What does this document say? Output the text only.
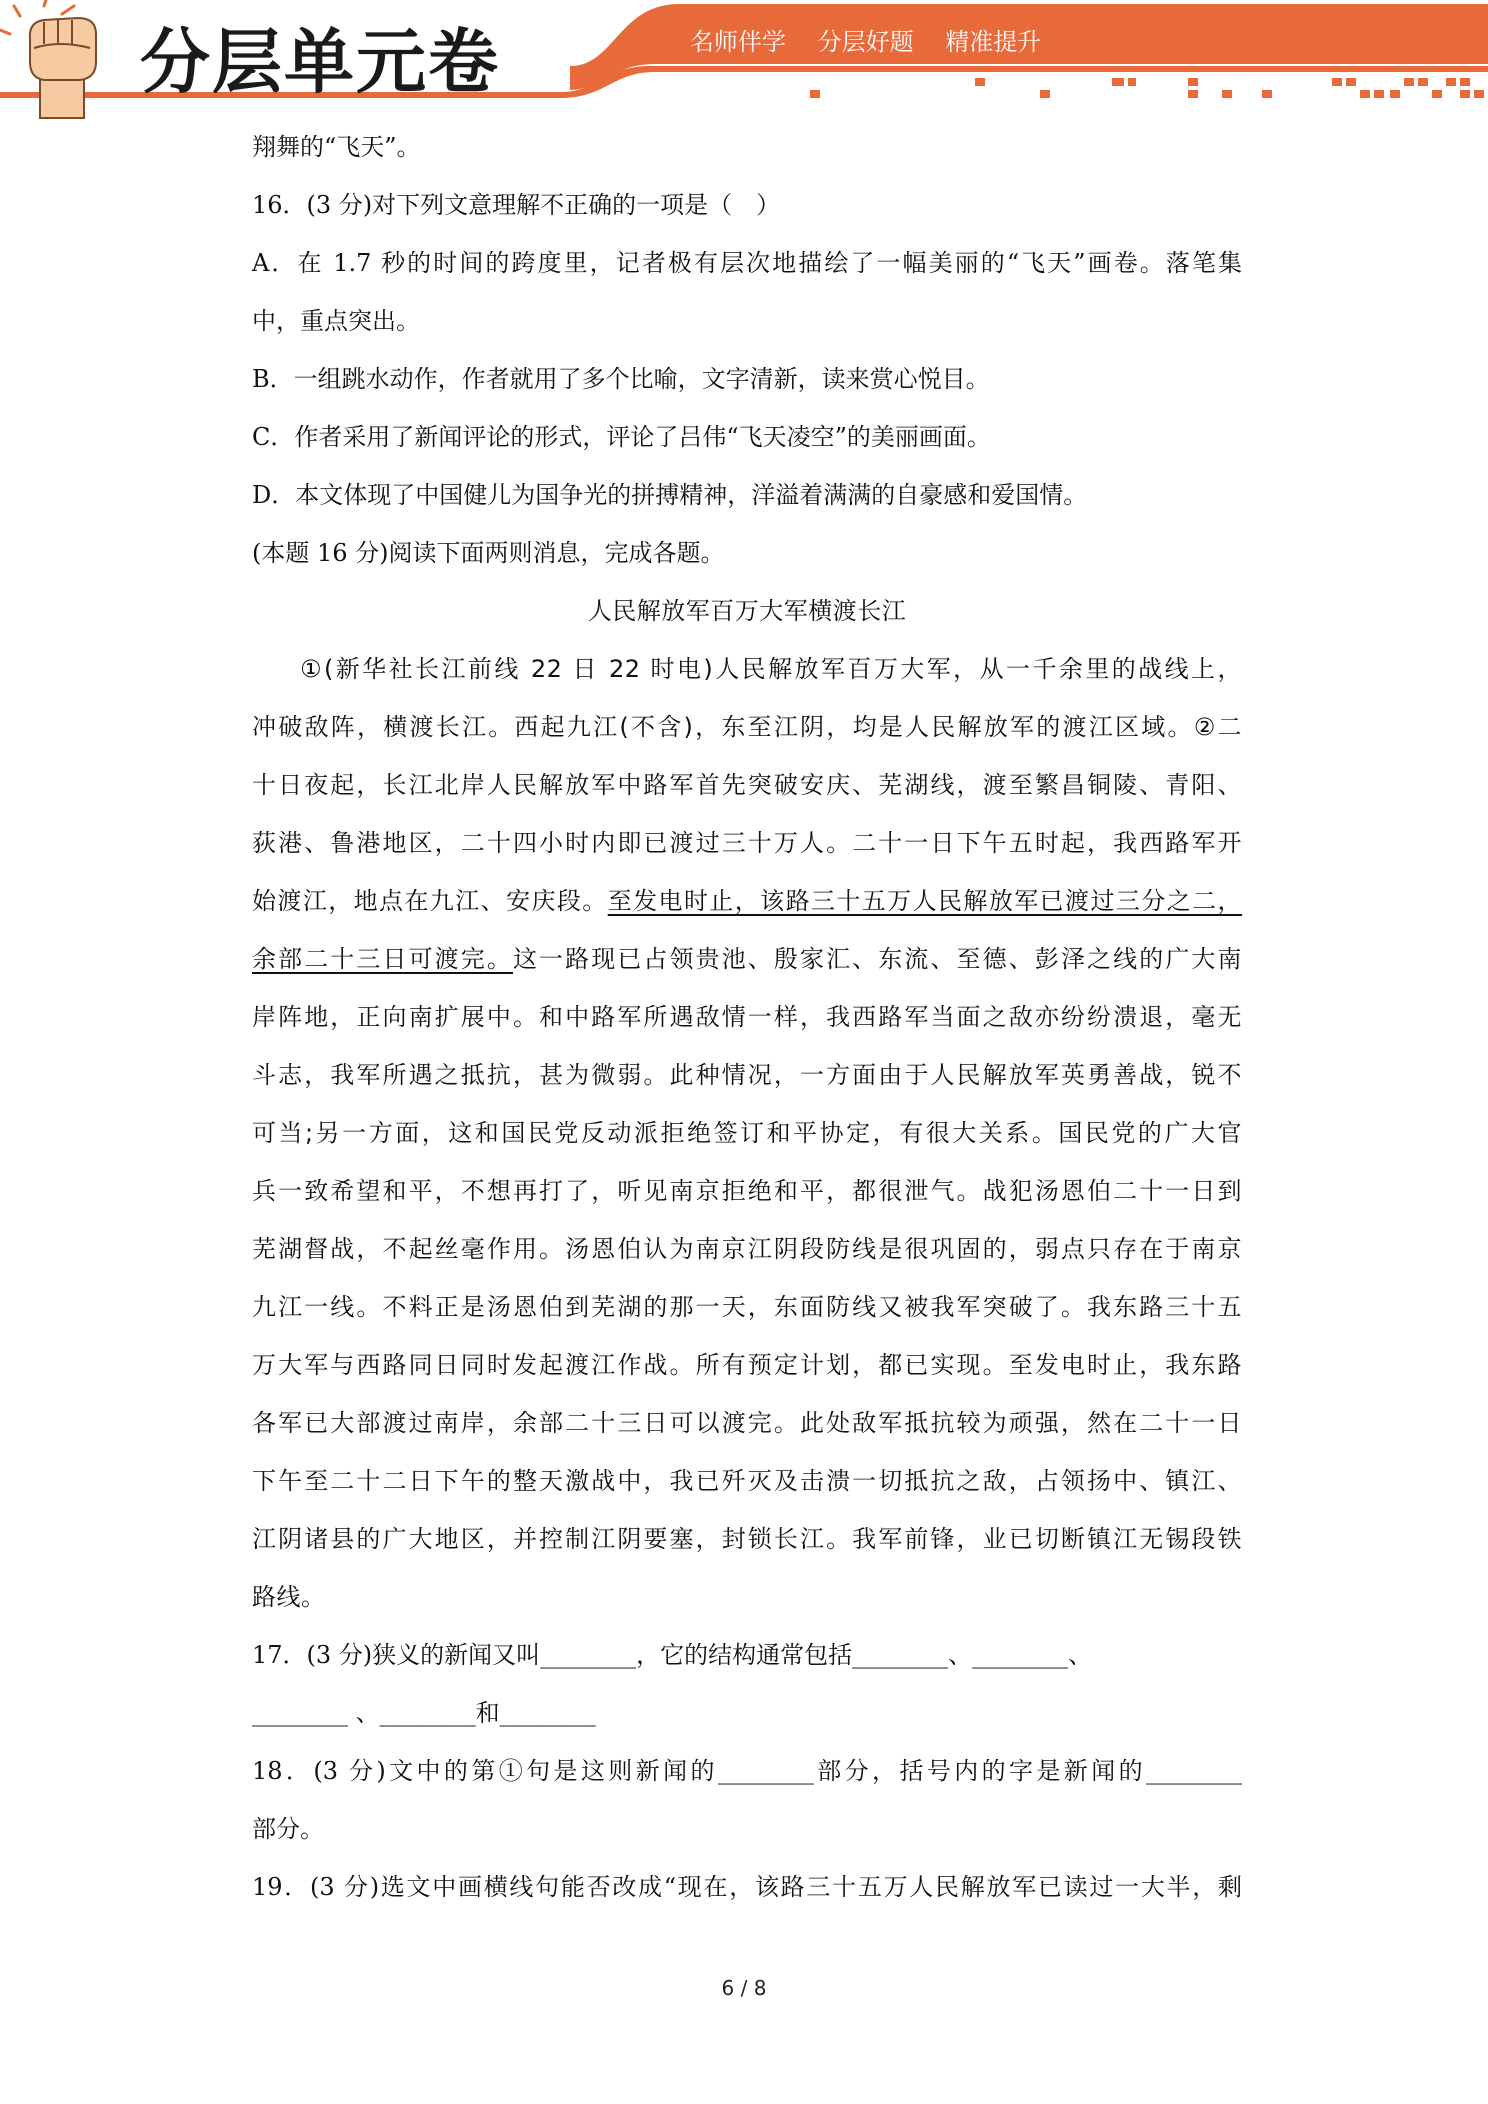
分层单元卷	名师伴学 分层好题 精准提升
翔舞的“飞天”。
16．(3 分)对下列文意理解不正确的一项是（　）
A．在 1.7 秒的时间的跨度里，记者极有层次地描绘了一幅美丽的“飞天”画卷。落笔集
中，重点突出。
B．一组跳水动作，作者就用了多个比喻，文字清新，读来赏心悦目。
C．作者采用了新闻评论的形式，评论了吕伟“飞天凌空”的美丽画面。
D．本文体现了中国健儿为国争光的拼搏精神，洋溢着满满的自豪感和爱国情。
(本题 16 分)阅读下面两则消息，完成各题。
人民解放军百万大军横渡长江
①(新华社长江前线 22 日 22 时电)人民解放军百万大军，从一千余里的战线上，
冲破敌阵，横渡长江。西起九江(不含)，东至江阴，均是人民解放军的渡江区域。②二
十日夜起，长江北岸人民解放军中路军首先突破安庆、芜湖线，渡至繁昌铜陵、青阳、
荻港、鲁港地区，二十四小时内即已渡过三十万人。二十一日下午五时起，我西路军开
始渡江，地点在九江、安庆段。至发电时止，该路三十五万人民解放军已渡过三分之二，
余部二十三日可渡完。这一路现已占领贵池、殷家汇、东流、至德、彭泽之线的广大南
岸阵地，正向南扩展中。和中路军所遇敌情一样，我西路军当面之敌亦纷纷溃退，毫无
斗志，我军所遇之抵抗，甚为微弱。此种情况，一方面由于人民解放军英勇善战，锐不
可当;另一方面，这和国民党反动派拒绝签订和平协定，有很大关系。国民党的广大官
兵一致希望和平，不想再打了，听见南京拒绝和平，都很泄气。战犯汤恩伯二十一日到
芜湖督战，不起丝毫作用。汤恩伯认为南京江阴段防线是很巩固的，弱点只存在于南京
九江一线。不料正是汤恩伯到芜湖的那一天，东面防线又被我军突破了。我东路三十五
万大军与西路同日同时发起渡江作战。所有预定计划，都已实现。至发电时止，我东路
各军已大部渡过南岸，余部二十三日可以渡完。此处敌军抵抗较为顽强，然在二十一日
下午至二十二日下午的整天激战中，我已歼灭及击溃一切抵抗之敌，占领扬中、镇江、
江阴诸县的广大地区，并控制江阴要塞，封锁长江。我军前锋，业已切断镇江无锡段铁
路线。
17．(3 分)狭义的新闻又叫________，它的结构通常包括________、________、
________ 、________和________
18．(3 分)文中的第①句是这则新闻的________部分，括号内的字是新闻的________
部分。
19．(3 分)选文中画横线句能否改成“现在，该路三十五万人民解放军已读过一大半，剩
6 / 8
